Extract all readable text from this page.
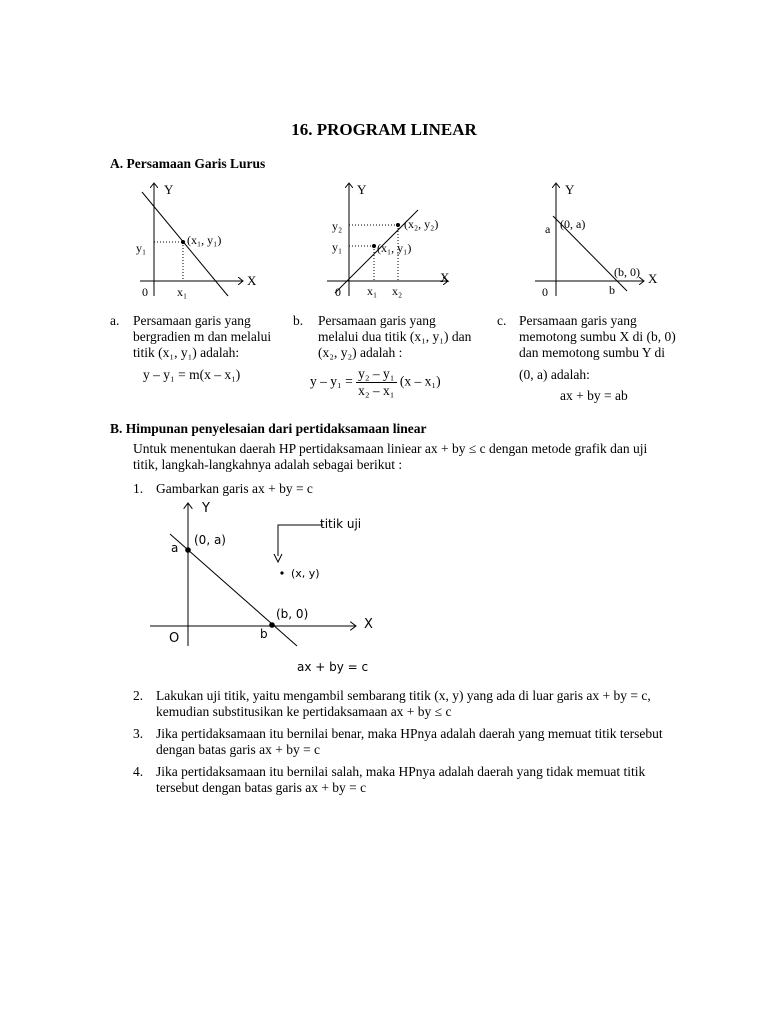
16. PROGRAM LINEAR
A. Persamaan Garis Lurus
Y
X
0
(x₁, y₁)
y₁
x₁
Y
X
0
(x₁, y₁)
(x₂, y₂)
y₁
y₂
x₁ x₂
Y
X
0
(0, a)
a
(b, 0)
b
a. Persamaan garis yang
bergradien m dan melalui
titik (x₁, y₁) adalah:
y – y₁ = m(x – x₁)
b. Persamaan garis yang
melalui dua titik (x₁, y₁) dan
(x₂, y₂) adalah :
$y - y_1 = \frac{\text{y₂ – y₁}}{\text{x₂ – x₁}} (x - x_1)$
c. Persamaan garis yang
memotong sumbu X di (b, 0)
dan memotong sumbu Y di
(0, a) adalah:
ax + by = ab
B. Himpunan penyelesaian dari pertidaksamaan linear
Untuk menentukan daerah HP pertidaksamaan liniear ax + by ≤ c dengan metode grafik dan uji
titik, langkah-langkahnya adalah sebagai berikut :
1. Gambarkan garis ax + by = c
Y
X
O
(0, a)
a
(b, 0)
b
titik uji
(x, y)
ax + by = c
2. Lakukan uji titik, yaitu mengambil sembarang titik (x, y) yang ada di luar garis ax + by = c,
kemudian substitusikan ke pertidaksamaan ax + by ≤ c
3. Jika pertidaksamaan itu bernilai benar, maka HPnya adalah daerah yang memuat titik tersebut
dengan batas garis ax + by = c
4. Jika pertidaksamaan itu bernilai salah, maka HPnya adalah daerah yang tidak memuat titik
tersebut dengan batas garis ax + by = c
